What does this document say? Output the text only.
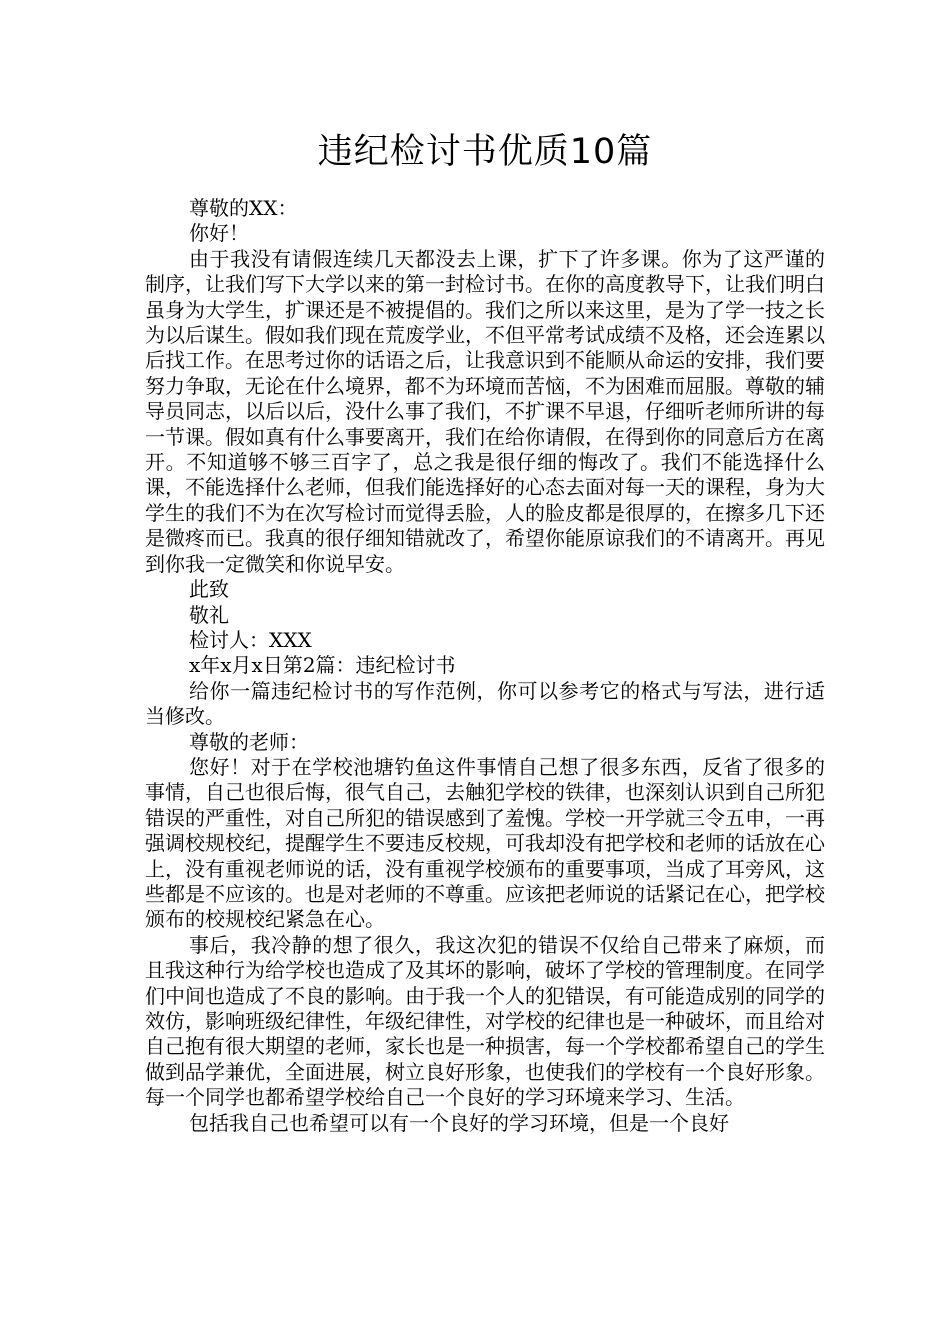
违纪检讨书优质10篇

尊敬的XX：

你好！

由于我没有请假连续几天都没去上课，扩下了许多课。你为了这严谨的制序，让我们写下大学以来的第一封检讨书。在你的高度教导下，让我们明白虽身为大学生，扩课还是不被提倡的。我们之所以来这里，是为了学一技之长为以后谋生。假如我们现在荒废学业，不但平常考试成绩不及格，还会连累以后找工作。在思考过你的话语之后，让我意识到不能顺从命运的安排，我们要努力争取，无论在什么境界，都不为环境而苦恼，不为困难而屈服。尊敬的辅导员同志，以后以后，没什么事了我们，不扩课不早退，仔细听老师所讲的每一节课。假如真有什么事要离开，我们在给你请假，在得到你的同意后方在离开。不知道够不够三百字了，总之我是很仔细的悔改了。我们不能选择什么课，不能选择什么老师，但我们能选择好的心态去面对每一天的课程，身为大学生的我们不为在次写检讨而觉得丢脸，人的脸皮都是很厚的，在擦多几下还是微疼而已。我真的很仔细知错就改了，希望你能原谅我们的不请离开。再见到你我一定微笑和你说早安。

此致

敬礼

检讨人：XXX

x年x月x日第2篇：违纪检讨书

给你一篇违纪检讨书的写作范例，你可以参考它的格式与写法，进行适当修改。

尊敬的老师：

您好！对于在学校池塘钓鱼这件事情自己想了很多东西，反省了很多的事情，自己也很后悔，很气自己，去触犯学校的铁律，也深刻认识到自己所犯错误的严重性，对自己所犯的错误感到了羞愧。学校一开学就三令五申，一再强调校规校纪，提醒学生不要违反校规，可我却没有把学校和老师的话放在心上，没有重视老师说的话，没有重视学校颁布的重要事项，当成了耳旁风，这些都是不应该的。也是对老师的不尊重。应该把老师说的话紧记在心，把学校颁布的校规校纪紧急在心。

事后，我冷静的想了很久，我这次犯的错误不仅给自己带来了麻烦，而且我这种行为给学校也造成了及其坏的影响，破坏了学校的管理制度。在同学们中间也造成了不良的影响。由于我一个人的犯错误，有可能造成别的同学的效仿，影响班级纪律性，年级纪律性，对学校的纪律也是一种破坏，而且给对自己抱有很大期望的老师，家长也是一种损害，每一个学校都希望自己的学生做到品学兼优，全面进展，树立良好形象，也使我们的学校有一个良好形象。每一个同学也都希望学校给自己一个良好的学习环境来学习、生活。

包括我自己也希望可以有一个良好的学习环境，但是一个良好
